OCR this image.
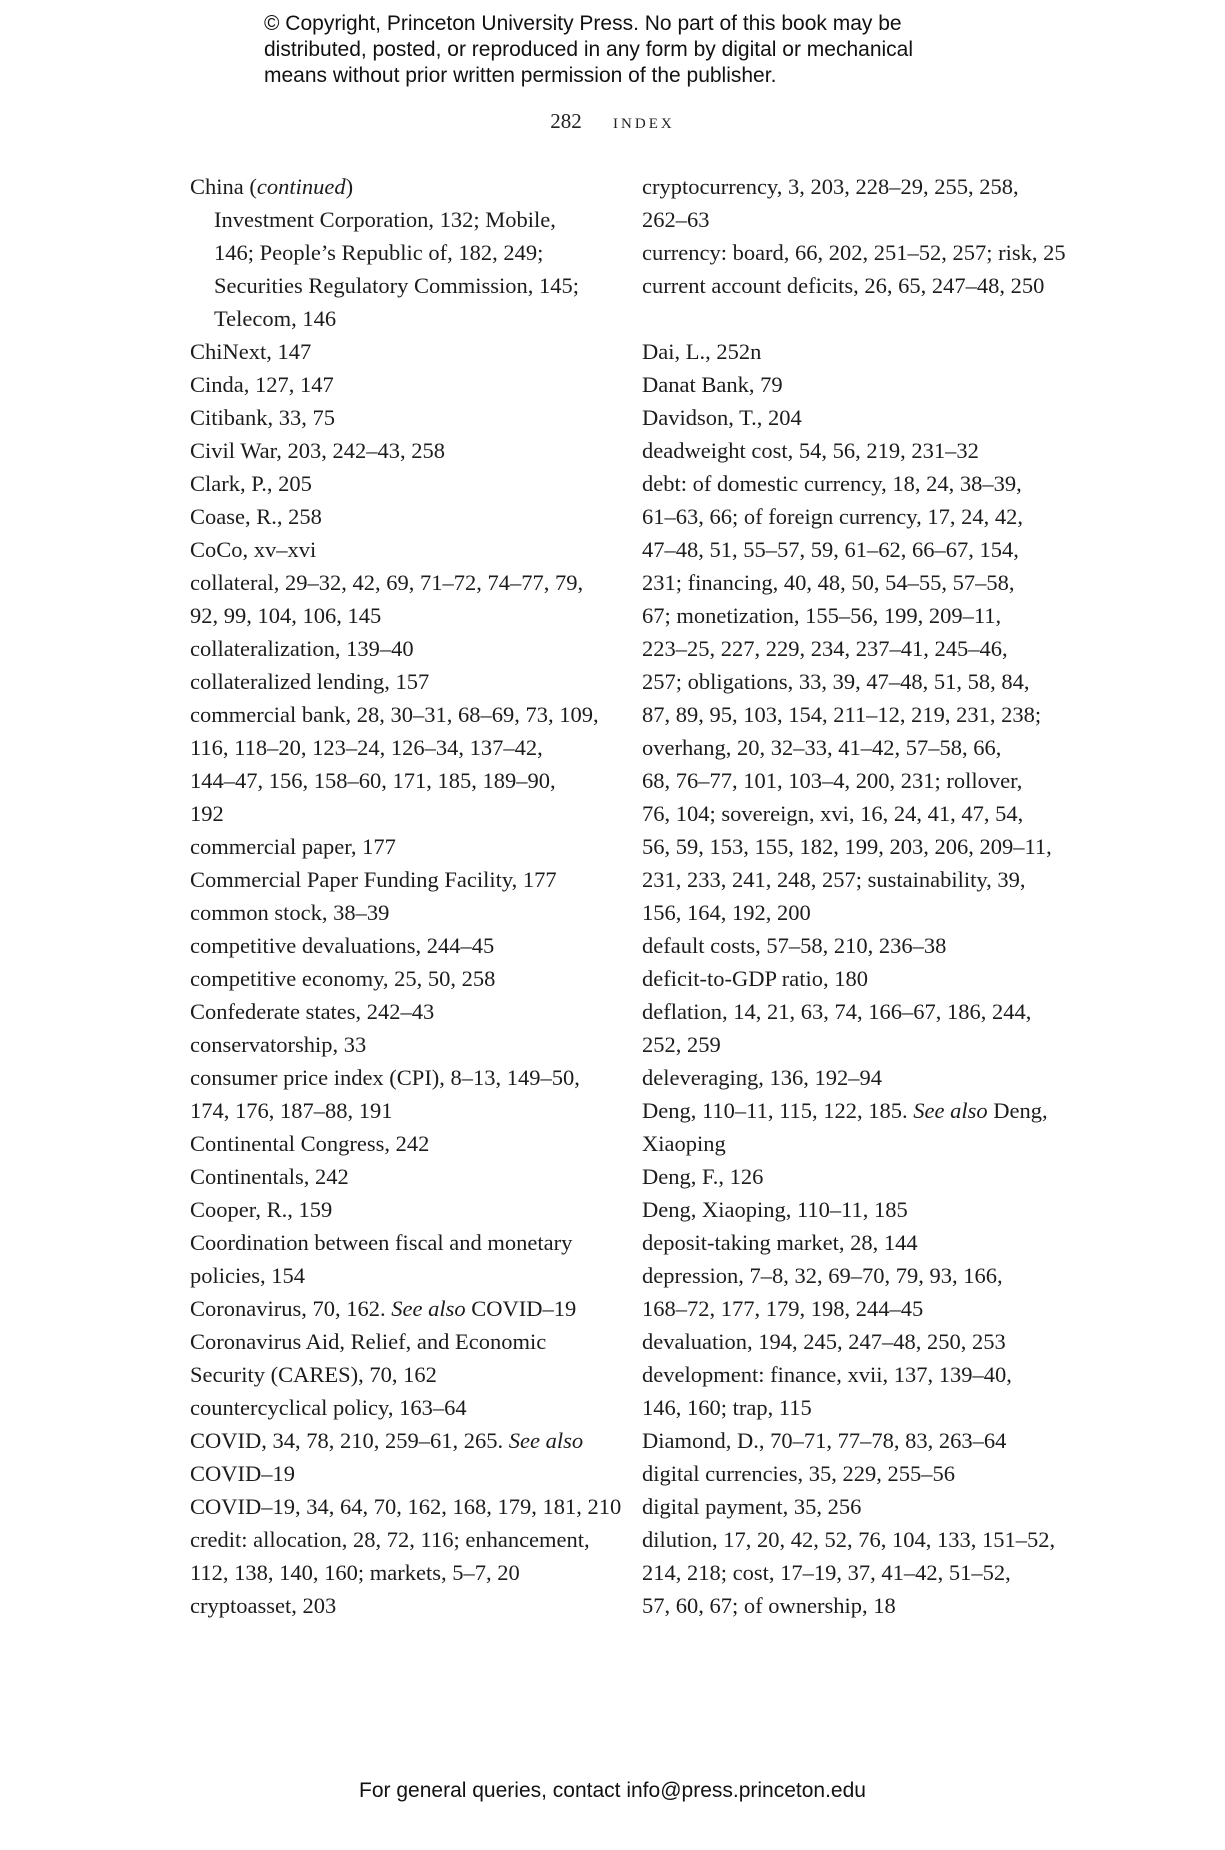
© Copyright, Princeton University Press. No part of this book may be
distributed, posted, or reproduced in any form by digital or mechanical
means without prior written permission of the publisher.
282 index
China (continued)
Investment Corporation, 132; Mobile,
146; People’s Republic of, 182, 249;
Securities Regulatory Commission, 145;
Telecom, 146
ChiNext, 147
Cinda, 127, 147
Citibank, 33, 75
Civil War, 203, 242–43, 258
Clark, P., 205
Coase, R., 258
CoCo, xv–xvi
collateral, 29–32, 42, 69, 71–72, 74–77, 79,
92, 99, 104, 106, 145
collateralization, 139–40
collateralized lending, 157
commercial bank, 28, 30–31, 68–69, 73, 109,
116, 118–20, 123–24, 126–34, 137–42,
144–47, 156, 158–60, 171, 185, 189–90,
192
commercial paper, 177
Commercial Paper Funding Facility, 177
common stock, 38–39
competitive devaluations, 244–45
competitive economy, 25, 50, 258
Confederate states, 242–43
conservatorship, 33
consumer price index (CPI), 8–13, 149–50,
174, 176, 187–88, 191
Continental Congress, 242
Continentals, 242
Cooper, R., 159
Coordination between fiscal and monetary
policies, 154
Coronavirus, 70, 162. See also COVID–19
Coronavirus Aid, Relief, and Economic
Security (CARES), 70, 162
countercyclical policy, 163–64
COVID, 34, 78, 210, 259–61, 265. See also
COVID–19
COVID–19, 34, 64, 70, 162, 168, 179, 181, 210
credit: allocation, 28, 72, 116; enhancement,
112, 138, 140, 160; markets, 5–7, 20
cryptoasset, 203
cryptocurrency, 3, 203, 228–29, 255, 258,
262–63
currency: board, 66, 202, 251–52, 257; risk, 25
current account deficits, 26, 65, 247–48, 250
Dai, L., 252n
Danat Bank, 79
Davidson, T., 204
deadweight cost, 54, 56, 219, 231–32
debt: of domestic currency, 18, 24, 38–39,
61–63, 66; of foreign currency, 17, 24, 42,
47–48, 51, 55–57, 59, 61–62, 66–67, 154,
231; financing, 40, 48, 50, 54–55, 57–58,
67; monetization, 155–56, 199, 209–11,
223–25, 227, 229, 234, 237–41, 245–46,
257; obligations, 33, 39, 47–48, 51, 58, 84,
87, 89, 95, 103, 154, 211–12, 219, 231, 238;
overhang, 20, 32–33, 41–42, 57–58, 66,
68, 76–77, 101, 103–4, 200, 231; rollover,
76, 104; sovereign, xvi, 16, 24, 41, 47, 54,
56, 59, 153, 155, 182, 199, 203, 206, 209–11,
231, 233, 241, 248, 257; sustainability, 39,
156, 164, 192, 200
default costs, 57–58, 210, 236–38
deficit-to-GDP ratio, 180
deflation, 14, 21, 63, 74, 166–67, 186, 244,
252, 259
deleveraging, 136, 192–94
Deng, 110–11, 115, 122, 185. See also Deng,
Xiaoping
Deng, F., 126
Deng, Xiaoping, 110–11, 185
deposit-taking market, 28, 144
depression, 7–8, 32, 69–70, 79, 93, 166,
168–72, 177, 179, 198, 244–45
devaluation, 194, 245, 247–48, 250, 253
development: finance, xvii, 137, 139–40,
146, 160; trap, 115
Diamond, D., 70–71, 77–78, 83, 263–64
digital currencies, 35, 229, 255–56
digital payment, 35, 256
dilution, 17, 20, 42, 52, 76, 104, 133, 151–52,
214, 218; cost, 17–19, 37, 41–42, 51–52,
57, 60, 67; of ownership, 18
For general queries, contact info@press.princeton.edu
